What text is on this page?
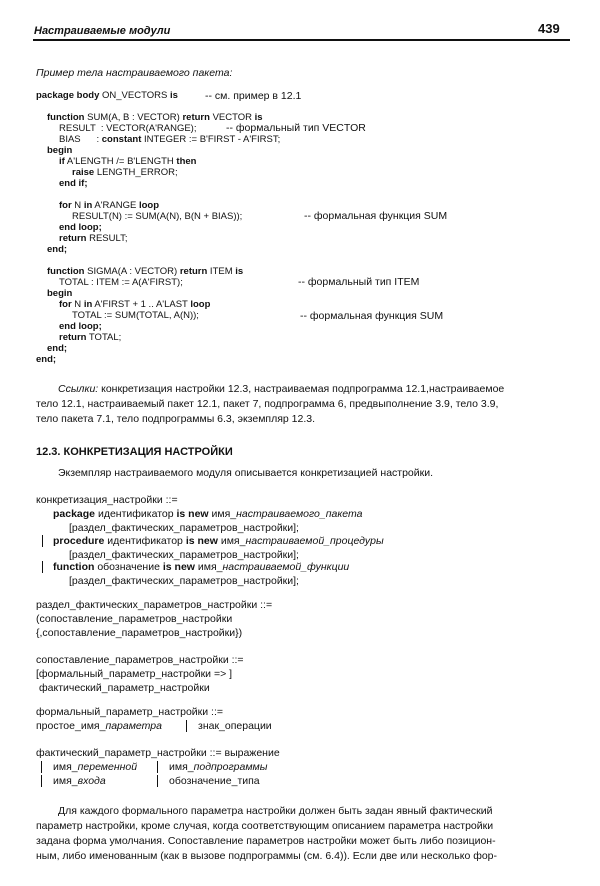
Настраиваемые модули	439
Пример тела настраиваемого пакета:
package body ON_VECTORS is	-- см. пример в 12.1
function SUM(A, B : VECTOR) return VECTOR is
RESULT  : VECTOR(A'RANGE);	-- формальный тип VECTOR
BIAS      : constant INTEGER := B'FIRST - A'FIRST;
begin
if A'LENGTH /= B'LENGTH then
raise LENGTH_ERROR;
end if;
for N in A'RANGE loop
RESULT(N) := SUM(A(N), B(N + BIAS));	-- формальная функция SUM
end loop;
return RESULT;
end;
function SIGMA(A : VECTOR) return ITEM is
TOTAL : ITEM := A(A'FIRST);	-- формальный тип ITEM
begin
for N in A'FIRST + 1 .. A'LAST loop
TOTAL := SUM(TOTAL, A(N));	-- формальная функция SUM
end loop;
return TOTAL;
end;
end;
Ссылки: конкретизация настройки 12.3, настраиваемая подпрограмма 12.1,настраиваемое
тело 12.1, настраиваемый пакет 12.1, пакет 7, подпрограмма 6, предвыполнение 3.9, тело 3.9,
тело пакета 7.1, тело подпрограммы 6.3, экземпляр 12.3.
12.3. КОНКРЕТИЗАЦИЯ НАСТРОЙКИ
Экземпляр настраиваемого модуля описывается конкретизацией настройки.
конкретизация_настройки ::=
package идентификатор is new имя_настраиваемого_пакета
[раздел_фактических_параметров_настройки];
procedure идентификатор is new имя_настраиваемой_процедуры
[раздел_фактических_параметров_настройки];
function обозначение is new имя_настраиваемой_функции
[раздел_фактических_параметров_настройки];
раздел_фактических_параметров_настройки ::=
(сопоставление_параметров_настройки
{,сопоставление_параметров_настройки})
сопоставление_параметров_настройки ::=
[формальный_параметр_настройки => ]
фактический_параметр_настройки
формальный_параметр_настройки ::=
простое_имя_параметра	знак_операции
фактический_параметр_настройки ::= выражение
имя_переменной	имя_подпрограммы
имя_входа	обозначение_типа
Для каждого формального параметра настройки должен быть задан явный фактический
параметр настройки, кроме случая, когда соответствующим описанием параметра настройки
задана форма умолчания. Сопоставление параметров настройки может быть либо позицион-
ным, либо именованным (как в вызове подпрограммы (см. 6.4)). Если две или несколько фор-
